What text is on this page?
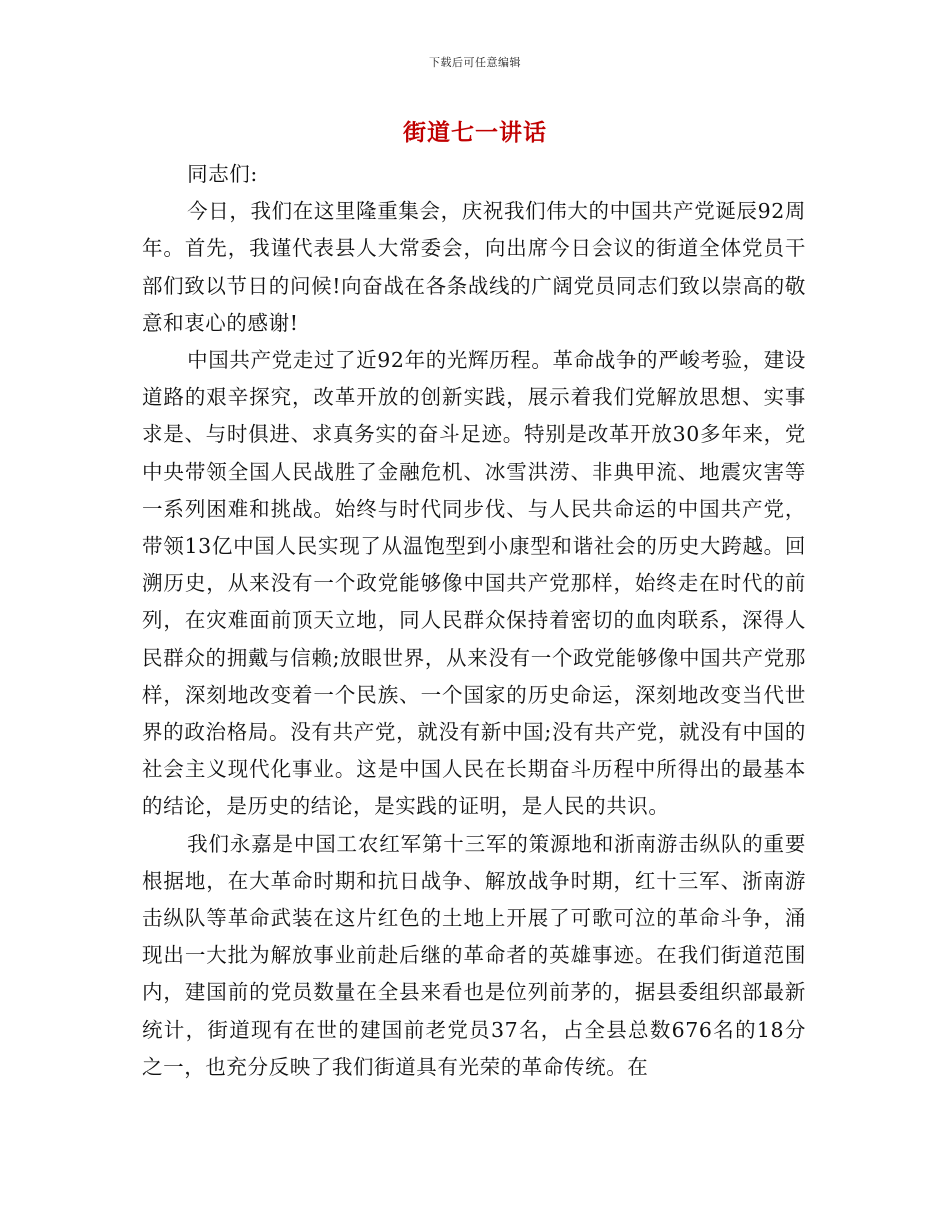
下载后可任意编辑
街道七一讲话

同志们:

今日，我们在这里隆重集会，庆祝我们伟大的中国共产党诞辰92周年。首先，我谨代表县人大常委会，向出席今日会议的街道全体党员干部们致以节日的问候!向奋战在各条战线的广阔党员同志们致以崇高的敬意和衷心的感谢!

中国共产党走过了近92年的光辉历程。革命战争的严峻考验，建设道路的艰辛探究，改革开放的创新实践，展示着我们党解放思想、实事求是、与时俱进、求真务实的奋斗足迹。特别是改革开放30多年来，党中央带领全国人民战胜了金融危机、冰雪洪涝、非典甲流、地震灾害等一系列困难和挑战。始终与时代同步伐、与人民共命运的中国共产党，带领13亿中国人民实现了从温饱型到小康型和谐社会的历史大跨越。回溯历史，从来没有一个政党能够像中国共产党那样，始终走在时代的前列，在灾难面前顶天立地，同人民群众保持着密切的血肉联系，深得人民群众的拥戴与信赖;放眼世界，从来没有一个政党能够像中国共产党那样，深刻地改变着一个民族、一个国家的历史命运，深刻地改变当代世界的政治格局。没有共产党，就没有新中国;没有共产党，就没有中国的社会主义现代化事业。这是中国人民在长期奋斗历程中所得出的最基本的结论，是历史的结论，是实践的证明，是人民的共识。

我们永嘉是中国工农红军第十三军的策源地和浙南游击纵队的重要根据地，在大革命时期和抗日战争、解放战争时期，红十三军、浙南游击纵队等革命武装在这片红色的土地上开展了可歌可泣的革命斗争，涌现出一大批为解放事业前赴后继的革命者的英雄事迹。在我们街道范围内，建国前的党员数量在全县来看也是位列前茅的，据县委组织部最新统计，街道现有在世的建国前老党员37名，占全县总数676名的18分之一，也充分反映了我们街道具有光荣的革命传统。在
